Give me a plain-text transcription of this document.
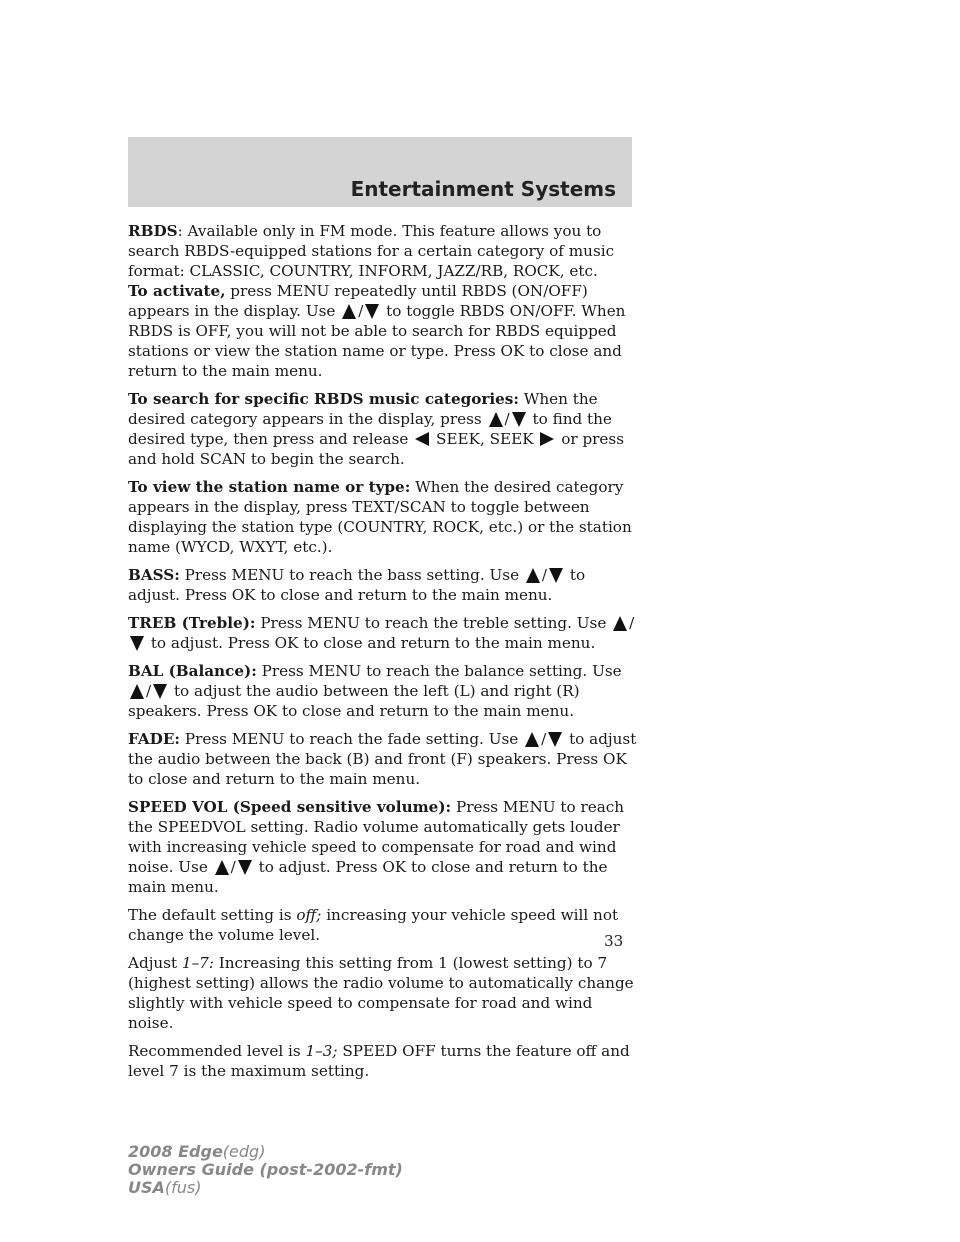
Entertainment Systems

RBDS: Available only in FM mode. This feature allows you to search RBDS-equipped stations for a certain category of music format: CLASSIC, COUNTRY, INFORM, JAZZ/RB, ROCK, etc.

To activate, press MENU repeatedly until RBDS (ON/OFF) appears in the display. Use / to toggle RBDS ON/OFF. When RBDS is OFF, you will not be able to search for RBDS equipped stations or view the station name or type. Press OK to close and return to the main menu.

To search for specific RBDS music categories: When the desired category appears in the display, press / to find the desired type, then press and release  SEEK, SEEK  or press and hold SCAN to begin the search.

To view the station name or type: When the desired category appears in the display, press TEXT/SCAN to toggle between displaying the station type (COUNTRY, ROCK, etc.) or the station name (WYCD, WXYT, etc.).

BASS: Press MENU to reach the bass setting. Use / to adjust. Press OK to close and return to the main menu.

TREB (Treble): Press MENU to reach the treble setting. Use / to adjust. Press OK to close and return to the main menu.

BAL (Balance): Press MENU to reach the balance setting. Use / to adjust the audio between the left (L) and right (R) speakers. Press OK to close and return to the main menu.

FADE: Press MENU to reach the fade setting. Use / to adjust the audio between the back (B) and front (F) speakers. Press OK to close and return to the main menu.

SPEED VOL (Speed sensitive volume): Press MENU to reach the SPEEDVOL setting. Radio volume automatically gets louder with increasing vehicle speed to compensate for road and wind noise. Use / to adjust. Press OK to close and return to the main menu.

The default setting is off; increasing your vehicle speed will not change the volume level.

Adjust 1–7: Increasing this setting from 1 (lowest setting) to 7 (highest setting) allows the radio volume to automatically change slightly with vehicle speed to compensate for road and wind noise.

Recommended level is 1–3; SPEED OFF turns the feature off and level 7 is the maximum setting.

33
2008 Edge(edg)
Owners Guide (post-2002-fmt)
USA(fus)
